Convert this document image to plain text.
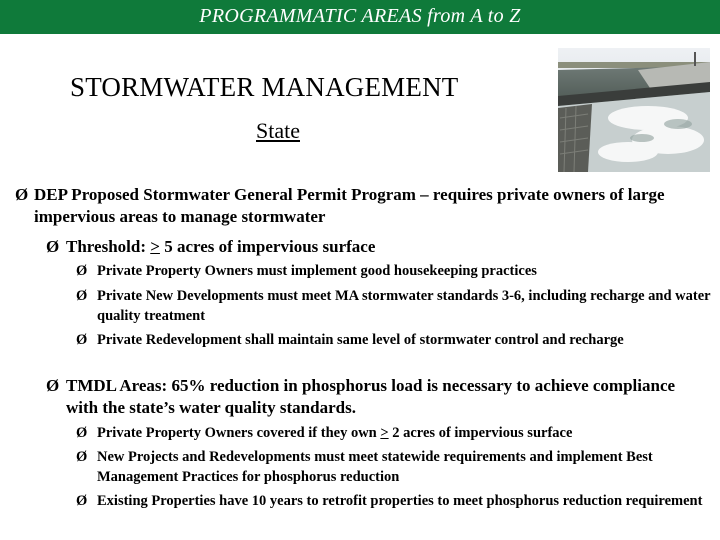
PROGRAMMATIC AREAS from A to Z
STORMWATER MANAGEMENT
State
Ø DEP Proposed Stormwater General Permit Program – requires private owners of large impervious areas to manage stormwater
Ø Threshold: > 5 acres of impervious surface
Ø Private Property Owners must implement good housekeeping practices
Ø Private New Developments must meet MA stormwater standards 3-6, including recharge and water quality treatment
Ø Private Redevelopment shall maintain same level of stormwater control and recharge
Ø TMDL Areas: 65% reduction in phosphorus load is necessary to achieve compliance with the state’s water quality standards.
Ø Private Property Owners covered if they own > 2 acres of impervious surface
Ø New Projects and Redevelopments must meet statewide requirements and implement Best Management Practices for phosphorus reduction
Ø Existing Properties have 10 years to retrofit properties to meet phosphorus reduction requirement
